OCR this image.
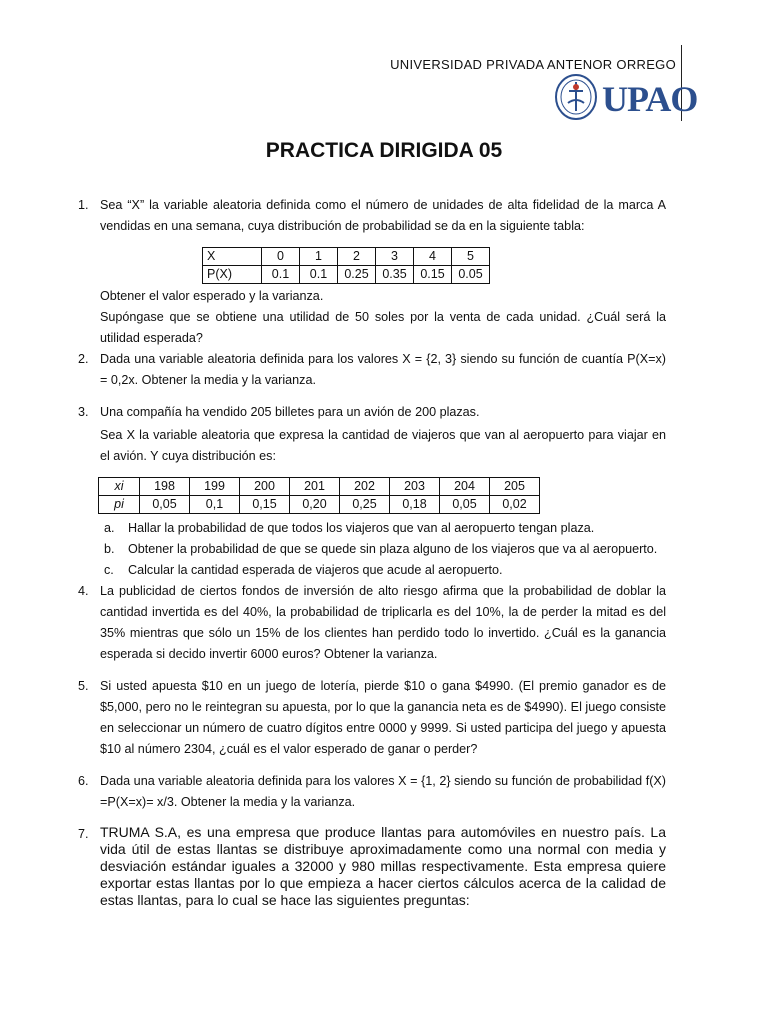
UNIVERSIDAD PRIVADA ANTENOR ORREGO
UPAO
PRACTICA DIRIGIDA 05
1. Sea “X” la variable aleatoria definida como el número de unidades de alta fidelidad de la marca A vendidas en una semana, cuya distribución de probabilidad se da en la siguiente tabla:

X	0	1	2	3	4	5
P(X)	0.1	0.1	0.25	0.35	0.15	0.05

Obtener el valor esperado y la varianza.

Supóngase que se obtiene una utilidad de 50 soles por la venta de cada unidad. ¿Cuál será la utilidad esperada?

2. Dada una variable aleatoria definida para los valores X = {2, 3} siendo su función de cuantía P(X=x) = 0,2x. Obtener la media y la varianza.

3. Una compañía ha vendido 205 billetes para un avión de 200 plazas.

Sea X la variable aleatoria que expresa la cantidad de viajeros que van al aeropuerto para viajar en el avión. Y cuya distribución es:

xi	198	199	200	201	202	203	204	205
pi	0,05	0,1	0,15	0,20	0,25	0,18	0,05	0,02
a.	Hallar la probabilidad de que todos los viajeros que van al aeropuerto tengan plaza.
b.	Obtener la probabilidad de que se quede sin plaza alguno de los viajeros que va al aeropuerto.
c.	Calcular la cantidad esperada de viajeros que acude al aeropuerto.
4. La publicidad de ciertos fondos de inversión de alto riesgo afirma que la probabilidad de doblar la cantidad invertida es del 40%, la probabilidad de triplicarla es del 10%, la de perder la mitad es del 35% mientras que sólo un 15% de los clientes han perdido todo lo invertido. ¿Cuál es la ganancia esperada si decido invertir 6000 euros? Obtener la varianza.

5. Si usted apuesta $10 en un juego de lotería, pierde $10 o gana $4990. (El premio ganador es de $5,000, pero no le reintegran su apuesta, por lo que la ganancia neta es de $4990). El juego consiste en seleccionar un número de cuatro dígitos entre 0000 y 9999. Si usted participa del juego y apuesta $10 al número 2304, ¿cuál es el valor esperado de ganar o perder?

6. Dada una variable aleatoria definida para los valores X = {1, 2} siendo su función de probabilidad f(X) =P(X=x)= x/3. Obtener la media y la varianza.

7. TRUMA S.A, es una empresa que produce llantas para automóviles en nuestro país. La vida útil de estas llantas se distribuye aproximadamente como una normal con media y desviación estándar iguales a 32000 y 980 millas respectivamente. Esta empresa quiere exportar estas llantas por lo que empieza a hacer ciertos cálculos acerca de la calidad de estas llantas, para lo cual se hace las siguientes preguntas:
